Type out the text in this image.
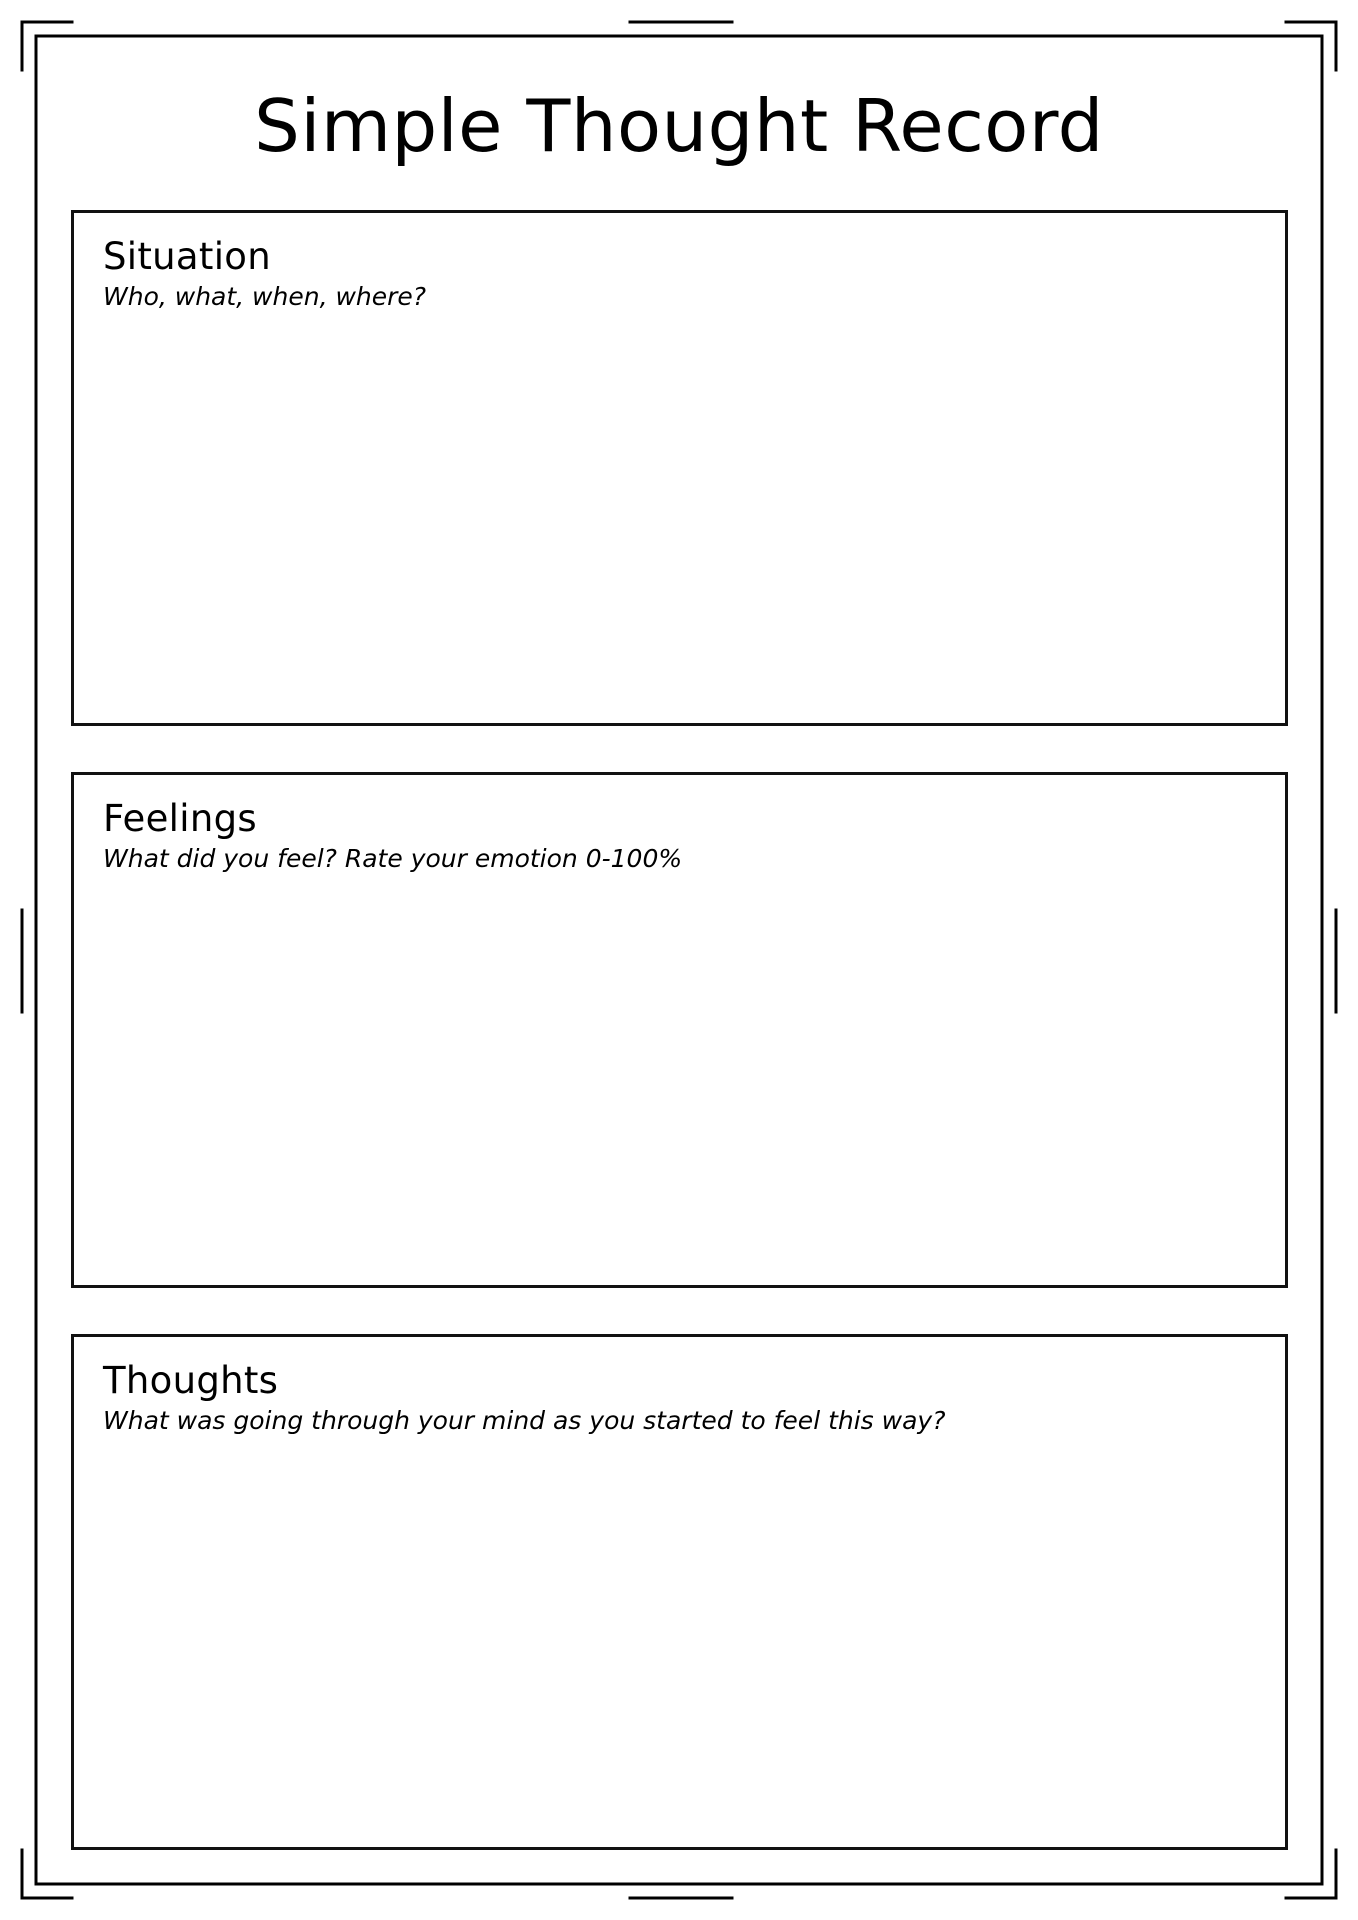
Simple Thought Record
Situation

Who, what, when, where?

Feelings

What did you feel? Rate your emotion 0-100%

Thoughts

What was going through your mind as you started to feel this way?
